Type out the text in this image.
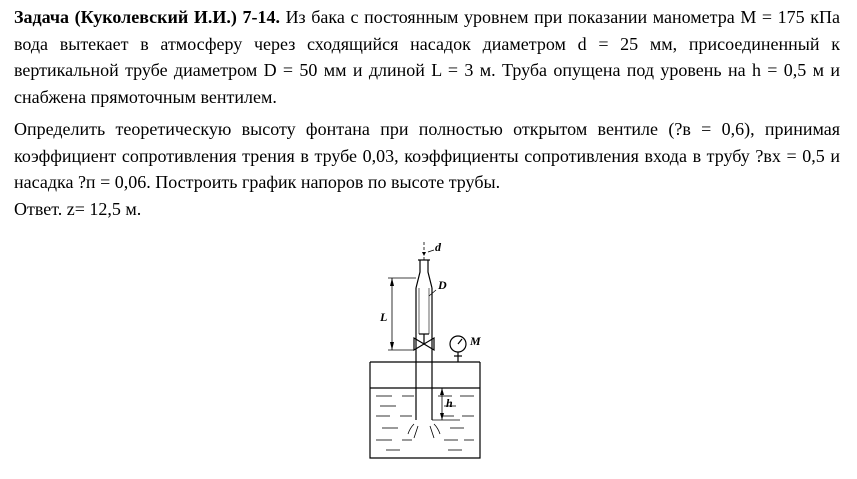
Задача (Куколевский И.И.) 7-14. Из бака с постоянным уровнем при показании манометра М = 175 кПа вода вытекает в атмосферу через сходящийся насадок диаметром d = 25 мм, присоединенный к вертикальной трубе диаметром D = 50 мм и длиной L = 3 м. Труба опущена под уровень на h = 0,5 м и снабжена прямоточным вентилем.

Определить теоретическую высоту фонтана при полностью открытом вентиле (?в = 0,6), принимая коэффициент сопротивления трения в трубе 0,03, коэффициенты сопротивления входа в трубу ?вх = 0,5 и насадка ?п = 0,06. Построить график напоров по высоте трубы.

Ответ. z= 12,5 м.

d
D
L
M
h
